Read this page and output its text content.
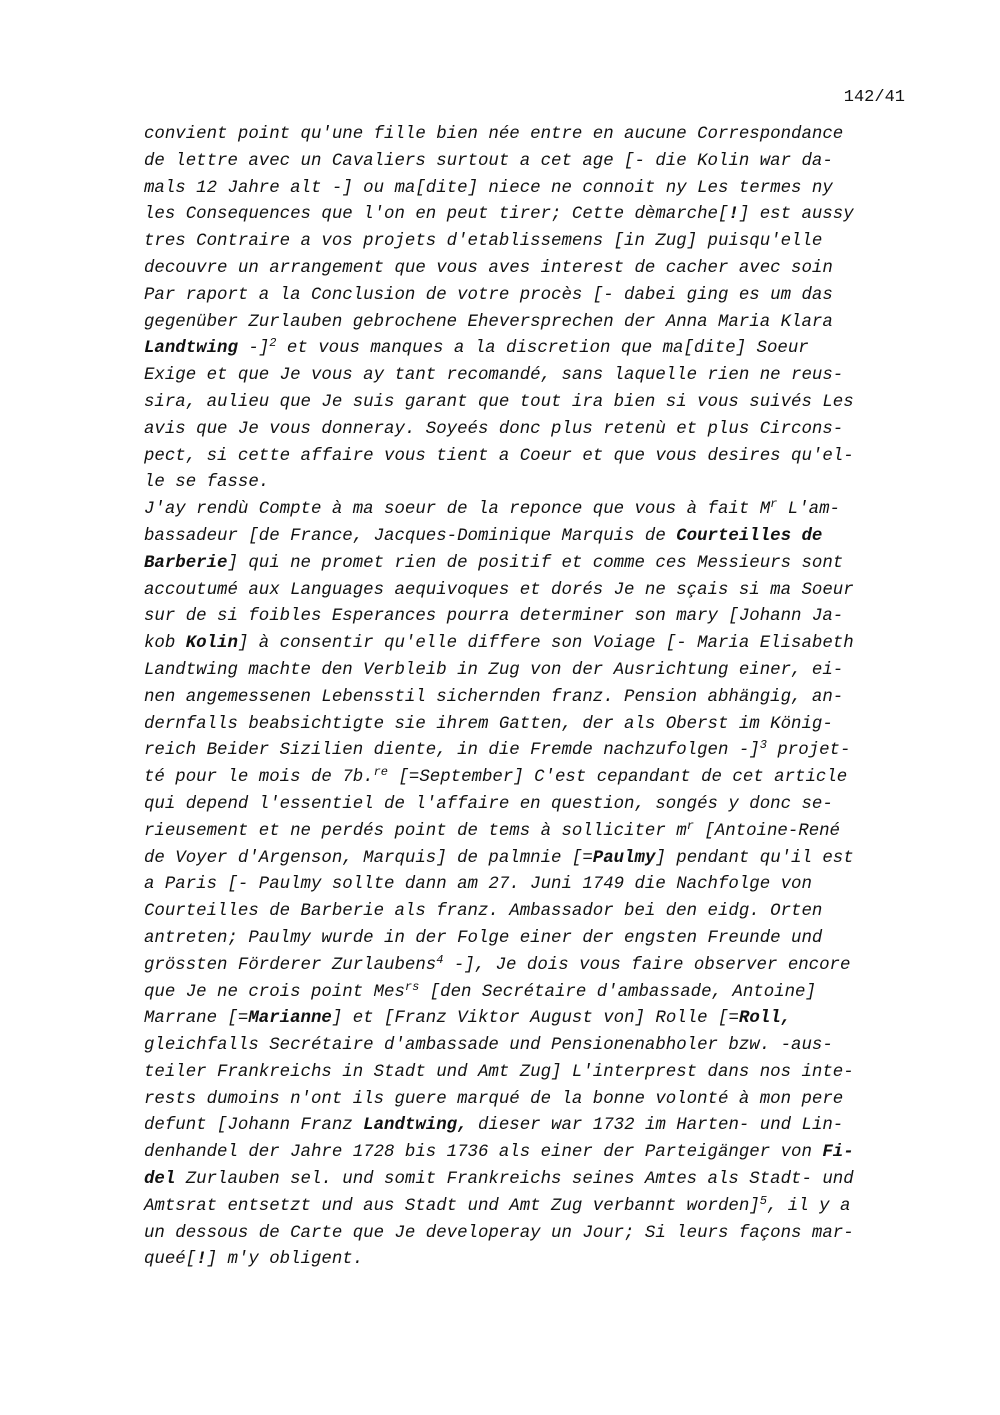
142/41
convient point qu'une fille bien née entre en aucune Correspondance
de lettre avec un Cavaliers surtout a cet age [- die Kolin war da-
mals 12 Jahre alt -] ou ma[dite] niece ne connoit ny Les termes ny
les Consequences que l'on en peut tirer; Cette dèmarche[!] est aussy
tres Contraire a vos projets d'etablissemens [in Zug] puisqu'elle
decouvre un arrangement que vous aves interest de cacher avec soin
Par raport a la Conclusion de votre procès [- dabei ging es um das
gegenüber Zurlauben gebrochene Eheversprechen der Anna Maria Klara
Landtwing -]$^2$ et vous manques a la discretion que ma[dite] Soeur
Exige et que Je vous ay tant recomandé, sans laquelle rien ne reus-
sira, aulieu que Je suis garant que tout ira bien si vous suivés Les
avis que Je vous donneray. Soyeés donc plus retenù et plus Circons-
pect, si cette affaire vous tient a Coeur et que vous desires qu'el-
le se fasse.
J'ay rendù Compte à ma soeur de la reponce que vous à fait $M^r$ L'am-
bassadeur [de France, Jacques-Dominique Marquis de Courteilles de
Barberie] qui ne promet rien de positif et comme ces Messieurs sont
accoutumé aux Languages aequivoques et dorés Je ne sçais si ma Soeur
sur de si foibles Esperances pourra determiner son mary [Johann Ja-
kob Kolin] à consentir qu'elle differe son Voiage [- Maria Elisabeth
Landtwing machte den Verbleib in Zug von der Ausrichtung einer, ei-
nen angemessenen Lebensstil sichernden franz. Pension abhängig, an-
dernfalls beabsichtigte sie ihrem Gatten, der als Oberst im König-
reich Beider Sizilien diente, in die Fremde nachzufolgen -]$^3$ projet-
té pour le mois de 7b.$^{re}$ [=September] C'est cepandant de cet article
qui depend l'essentiel de l'affaire en question, songés y donc se-
rieusement et ne perdés point de tems à solliciter $m^r$ [Antoine-René
de Voyer d'Argenson, Marquis] de palmnie [=Paulmy] pendant qu'il est
a Paris [- Paulmy sollte dann am 27. Juni 1749 die Nachfolge von
Courteilles de Barberie als franz. Ambassador bei den eidg. Orten
antreten; Paulmy wurde in der Folge einer der engsten Freunde und
grössten Förderer Zurlaubens$^4$ -], Je dois vous faire observer encore
que Je ne crois point Mes$^{rs}$ [den Secrétaire d'ambassade, Antoine]
Marrane [=Marianne] et [Franz Viktor August von] Rolle [=Roll,
gleichfalls Secrétaire d'ambassade und Pensionenabholer bzw. -aus-
teiler Frankreichs in Stadt und Amt Zug] L'interprest dans nos inte-
rests dumoins n'ont ils guere marqué de la bonne volonté à mon pere
defunt [Johann Franz Landtwing, dieser war 1732 im Harten- und Lin-
denhandel der Jahre 1728 bis 1736 als einer der Parteigänger von Fi-
del Zurlauben sel. und somit Frankreichs seines Amtes als Stadt- und
Amtsrat entsetzt und aus Stadt und Amt Zug verbannt worden]$^5$, il y a
un dessous de Carte que Je developeray un Jour; Si leurs façons mar-
queé[!] m'y obligent.
